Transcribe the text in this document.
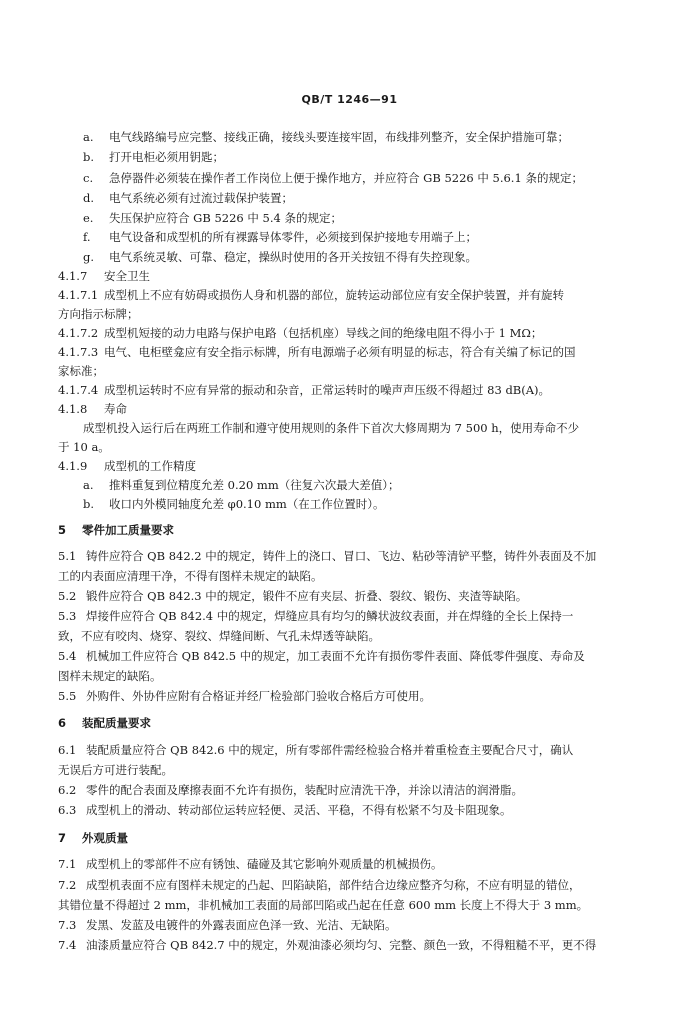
QB/T 1246—91
a. 电气线路编号应完整、接线正确，接线头要连接牢固，布线排列整齐，安全保护措施可靠；
b. 打开电柜必须用钥匙；
c. 急停器件必须装在操作者工作岗位上便于操作地方，并应符合 GB 5226 中 5.6.1 条的规定；
d. 电气系统必须有过流过载保护装置；
e. 失压保护应符合 GB 5226 中 5.4 条的规定；
f. 电气设备和成型机的所有裸露导体零件，必须接到保护接地专用端子上；
g. 电气系统灵敏、可靠、稳定，操纵时使用的各开关按钮不得有失控现象。
4.1.7 安全卫生
4.1.7.1 成型机上不应有妨碍或损伤人身和机器的部位，旋转运动部位应有安全保护装置，并有旋转
方向指示标牌；
4.1.7.2 成型机短接的动力电路与保护电路（包括机座）导线之间的绝缘电阻不得小于 1 MΩ；
4.1.7.3 电气、电柜壁龛应有安全指示标牌，所有电源端子必须有明显的标志，符合有关编了标记的国
家标准；
4.1.7.4 成型机运转时不应有异常的振动和杂音，正常运转时的噪声声压级不得超过 83 dB(A)。
4.1.8 寿命
成型机投入运行后在两班工作制和遵守使用规则的条件下首次大修周期为 7 500 h，使用寿命不少
于 10 a。
4.1.9 成型机的工作精度
a. 推料重复到位精度允差 0.20 mm（往复六次最大差值）；
b. 收口内外模同轴度允差 φ0.10 mm（在工作位置时）。
5 零件加工质量要求
5.1 铸件应符合 QB 842.2 中的规定，铸件上的浇口、冒口、飞边、粘砂等清铲平整，铸件外表面及不加
工的内表面应清理干净，不得有图样未规定的缺陷。
5.2 锻件应符合 QB 842.3 中的规定，锻件不应有夹层、折叠、裂纹、锻伤、夹渣等缺陷。
5.3 焊接件应符合 QB 842.4 中的规定，焊缝应具有均匀的鳞状波纹表面，并在焊缝的全长上保持一
致，不应有咬肉、烧穿、裂纹、焊缝间断、气孔未焊透等缺陷。
5.4 机械加工件应符合 QB 842.5 中的规定，加工表面不允许有损伤零件表面、降低零件强度、寿命及
图样未规定的缺陷。
5.5 外购件、外协件应附有合格证并经厂检验部门验收合格后方可使用。
6 装配质量要求
6.1 装配质量应符合 QB 842.6 中的规定，所有零部件需经检验合格并着重检查主要配合尺寸，确认
无误后方可进行装配。
6.2 零件的配合表面及摩擦表面不允许有损伤，装配时应清洗干净，并涂以清洁的润滑脂。
6.3 成型机上的滑动、转动部位运转应轻便、灵活、平稳，不得有松紧不匀及卡阻现象。
7 外观质量
7.1 成型机上的零部件不应有锈蚀、磕碰及其它影响外观质量的机械损伤。
7.2 成型机表面不应有图样未规定的凸起、凹陷缺陷，部件结合边缘应整齐匀称，不应有明显的错位，
其错位量不得超过 2 mm，非机械加工表面的局部凹陷或凸起在任意 600 mm 长度上不得大于 3 mm。
7.3 发黑、发蓝及电镀件的外露表面应色泽一致、光洁、无缺陷。
7.4 油漆质量应符合 QB 842.7 中的规定，外观油漆必须均匀、完整、颜色一致，不得粗糙不平，更不得
